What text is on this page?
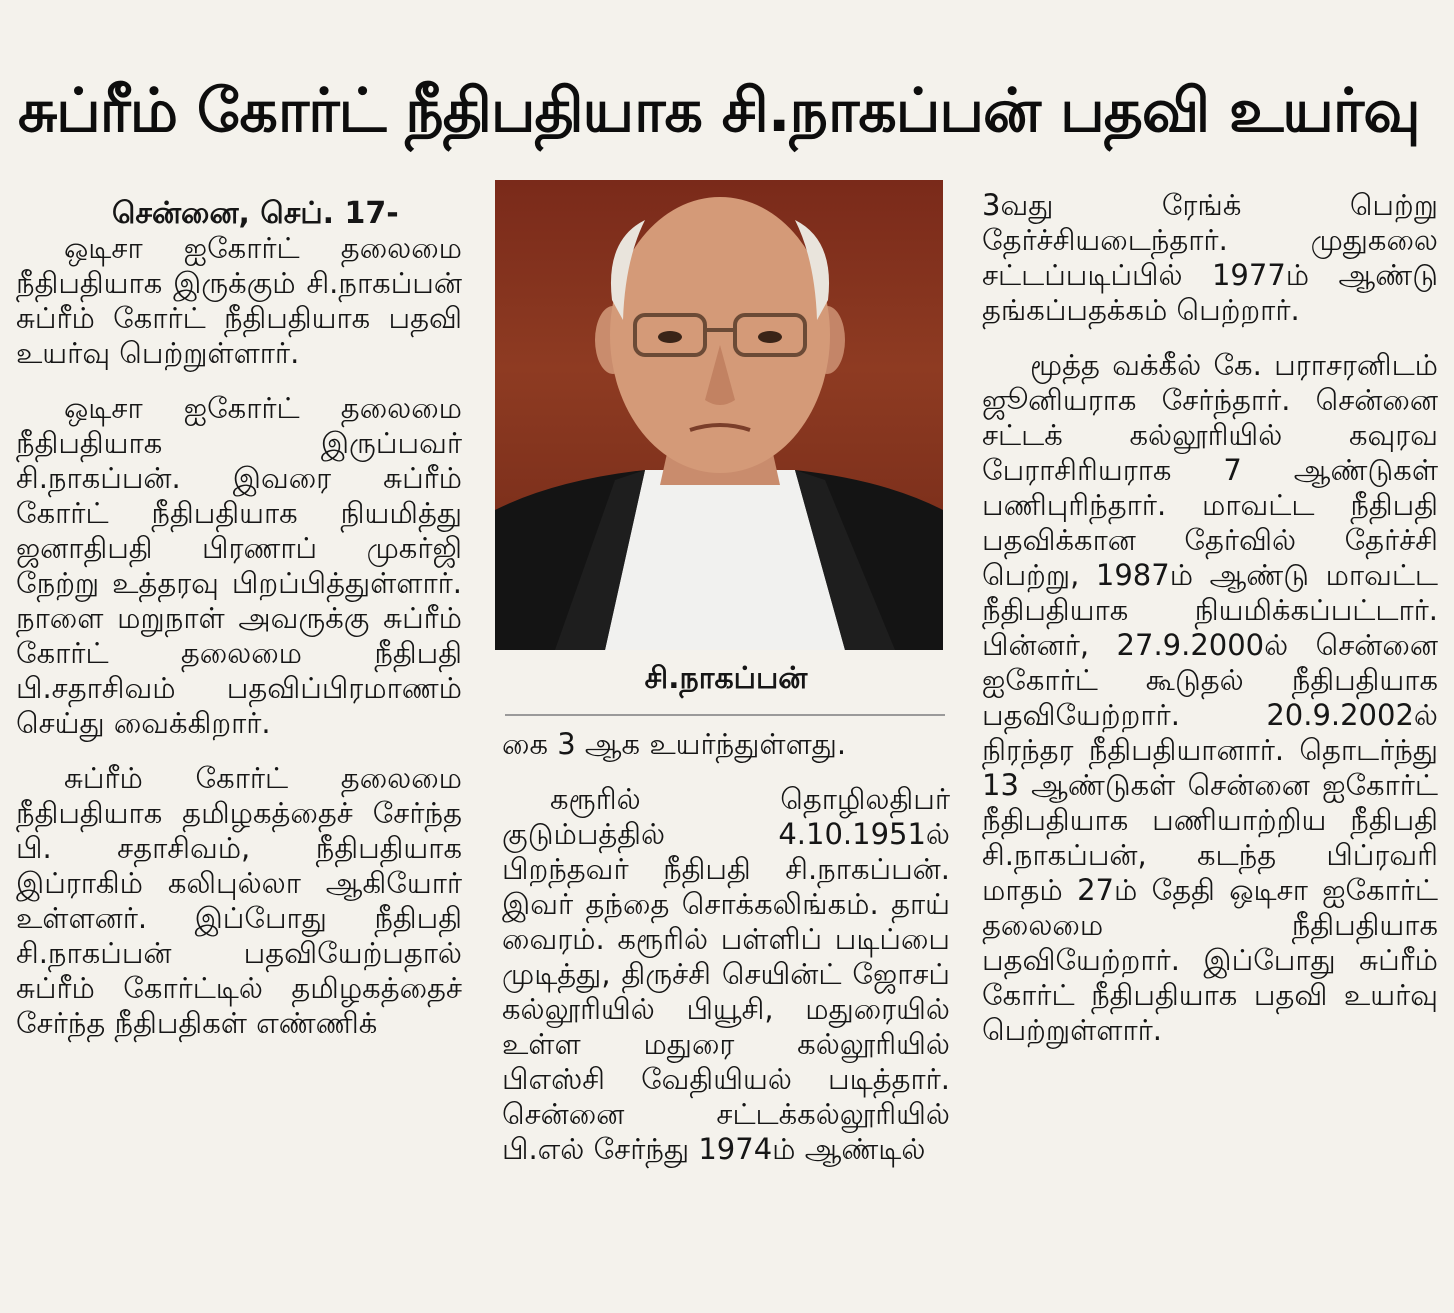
சுப்ரீம் கோர்ட் நீதிபதியாக சி.நாகப்பன் பதவி உயர்வு

சென்னை, செப். 17-

ஒடிசா ஐகோர்ட் தலைமை நீதிபதியாக இருக்கும் சி.நாகப்பன் சுப்ரீம் கோர்ட் நீதிபதியாக பதவி உயர்வு பெற்றுள்ளார்.

ஒடிசா ஐகோர்ட் தலைமை நீதிபதியாக இருப்பவர் சி.நாகப்பன். இவரை சுப்ரீம் கோர்ட் நீதிபதியாக நியமித்து ஜனாதிபதி பிரணாப் முகர்ஜி நேற்று உத்தரவு பிறப்பித்துள்ளார். நாளை மறுநாள் அவருக்கு சுப்ரீம் கோர்ட் தலைமை நீதிபதி பி.சதாசிவம் பதவிப்பிரமாணம் செய்து வைக்கிறார்.

சுப்ரீம் கோர்ட் தலைமை நீதிபதியாக தமிழகத்தைச் சேர்ந்த பி. சதாசிவம், நீதிபதியாக இப்ராகிம் கலிபுல்லா ஆகியோர் உள்ளனர். இப்போது நீதிபதி சி.நாகப்பன் பதவியேற்பதால் சுப்ரீம் கோர்ட்டில் தமிழகத்தைச் சேர்ந்த நீதிபதிகள் எண்ணிக்

சி.நாகப்பன்

கை 3 ஆக உயர்ந்துள்ளது.

கரூரில் தொழிலதிபர் குடும்பத்தில் 4.10.1951ல் பிறந்தவர் நீதிபதி சி.நாகப்பன். இவர் தந்தை சொக்கலிங்கம். தாய் வைரம். கரூரில் பள்ளிப் படிப்பை முடித்து, திருச்சி செயின்ட் ஜோசப் கல்லூரியில் பியூசி, மதுரையில் உள்ள மதுரை கல்லூரியில் பிஎஸ்சி வேதியியல் படித்தார். சென்னை சட்டக்கல்லூரியில் பி.எல் சேர்ந்து 1974ம் ஆண்டில்

3வது ரேங்க் பெற்று தேர்ச்சியடைந்தார். முதுகலை சட்டப்படிப்பில் 1977ம் ஆண்டு தங்கப்பதக்கம் பெற்றார்.

மூத்த வக்கீல் கே. பராசரனிடம் ஜூனியராக சேர்ந்தார். சென்னை சட்டக் கல்லூரியில் கவுரவ பேராசிரியராக 7 ஆண்டுகள் பணிபுரிந்தார். மாவட்ட நீதிபதி பதவிக்கான தேர்வில் தேர்ச்சி பெற்று, 1987ம் ஆண்டு மாவட்ட நீதிபதியாக நியமிக்கப்பட்டார். பின்னர், 27.9.2000ல் சென்னை ஐகோர்ட் கூடுதல் நீதிபதியாக பதவியேற்றார். 20.9.2002ல் நிரந்தர நீதிபதியானார். தொடர்ந்து 13 ஆண்டுகள் சென்னை ஐகோர்ட் நீதிபதியாக பணியாற்றிய நீதிபதி சி.நாகப்பன், கடந்த பிப்ரவரி மாதம் 27ம் தேதி ஒடிசா ஐகோர்ட் தலைமை நீதிபதியாக பதவியேற்றார். இப்போது சுப்ரீம் கோர்ட் நீதிபதியாக பதவி உயர்வு பெற்றுள்ளார்.
